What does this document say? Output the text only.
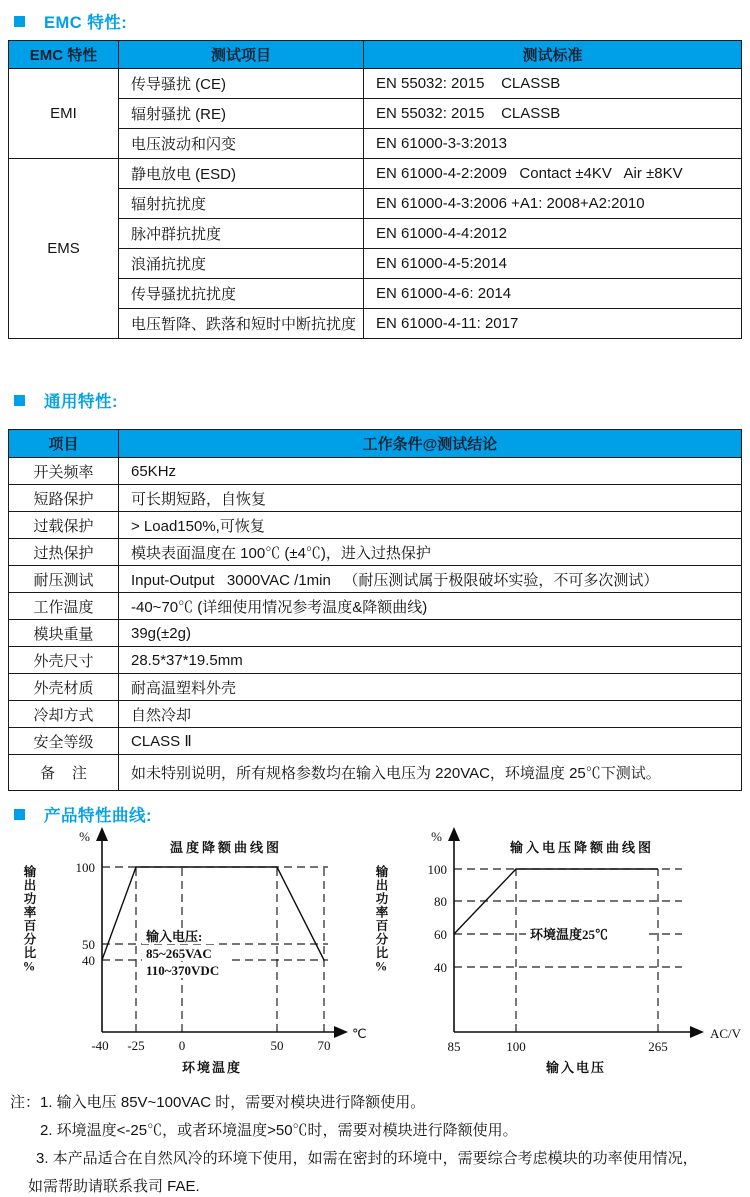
EMC 特性:
EMC 特性	测试项目	测试标准
EMI	传导骚扰 (CE)	EN 55032: 2015    CLASSB
	辐射骚扰 (RE)	EN 55032: 2015    CLASSB
	电压波动和闪变	EN 61000-3-3:2013
EMS	静电放电 (ESD)	EN 61000-4-2:2009   Contact ±4KV   Air ±8KV
	辐射抗扰度	EN 61000-4-3:2006 +A1: 2008+A2:2010
	脉冲群抗扰度	EN 61000-4-4:2012
	浪涌抗扰度	EN 61000-4-5:2014
	传导骚扰抗扰度	EN 61000-4-6: 2014
	电压暂降、跌落和短时中断抗扰度	EN 61000-4-11: 2017
通用特性:
项目	工作条件@测试结论
开关频率	65KHz
短路保护	可长期短路，自恢复
过载保护	> Load150%,可恢复
过热保护	模块表面温度在 100℃ (±4℃)，进入过热保护
耐压测试	Input-Output   3000VAC /1min   （耐压测试属于极限破坏实验，不可多次测试）
工作温度	-40~70℃ (详细使用情况参考温度&降额曲线)
模块重量	39g(±2g)
外壳尺寸	28.5*37*19.5mm
外壳材质	耐高温塑料外壳
冷却方式	自然冷却
安全等级	CLASS Ⅱ
备    注	如未特别说明，所有规格参数均在输入电压为 220VAC，环境温度 25℃下测试。
产品特性曲线:
输出功率百分比%
温度降额曲线图
%
100
50
40
-40 -25	0	50	70
℃
环境温度
输入电压:
85~265VAC
110~370VDC	输出功率百分比%
输入电压降额曲线图
%
100
80
60
40
85	100	265
AC/V
输入电压
环境温度25℃
注：1. 输入电压 85V~100VAC 时，需要对模块进行降额使用。
2. 环境温度<-25℃，或者环境温度>50℃时，需要对模块进行降额使用。
3. 本产品适合在自然风冷的环境下使用，如需在密封的环境中，需要综合考虑模块的功率使用情况，
如需帮助请联系我司 FAE.
